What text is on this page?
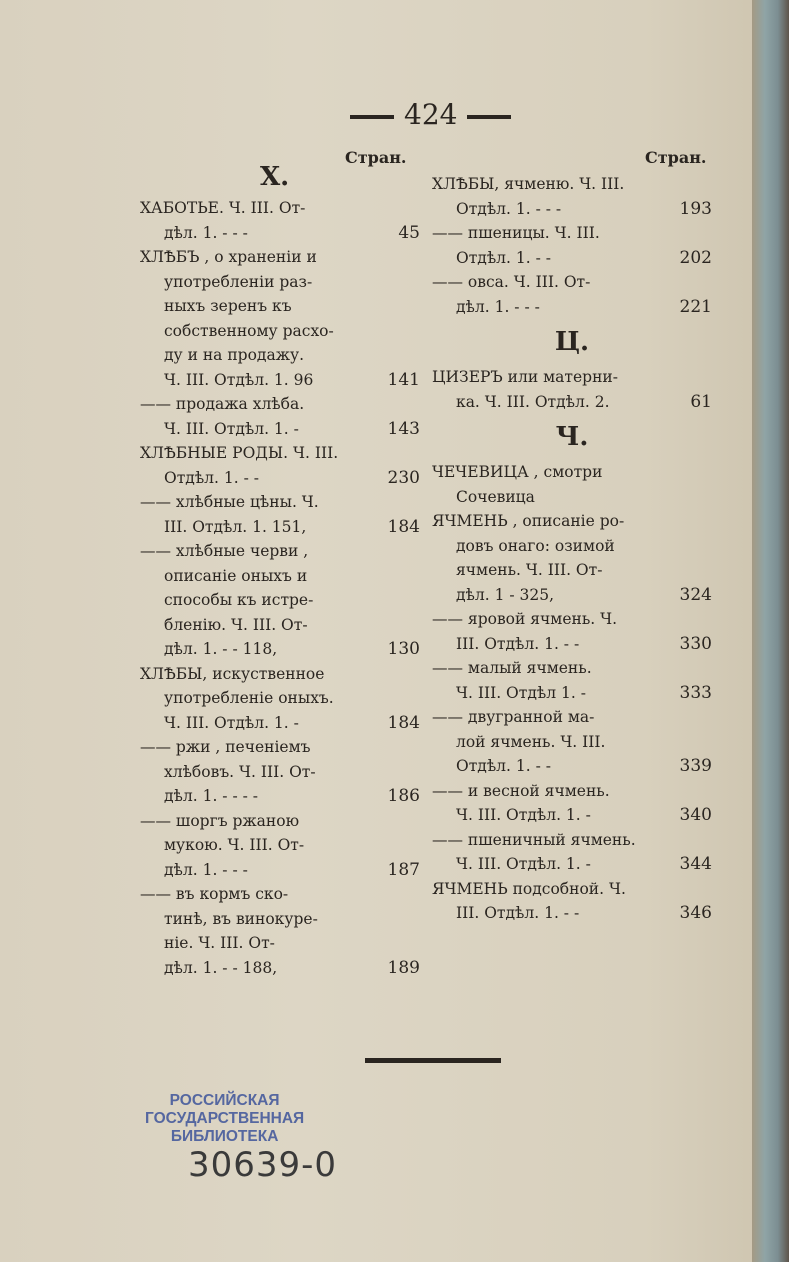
424
Стран.	Стран.
Х.
ХАБОТЬЕ. Ч. III. От-
дѣл. 1. - - -	45
ХЛѢБЪ , о храненіи и
употребленіи раз-
ныхъ зеренъ къ
собственному расхо-
ду и на продажу.
Ч. III. Отдѣл. 1. 96	141
—— продажа хлѣба.
Ч. III. Отдѣл. 1. -	143
ХЛѢБНЫЕ РОДЫ. Ч. III.
Отдѣл. 1. - -	230
—— хлѣбные цѣны. Ч.
III. Отдѣл. 1. 151,	184
—— хлѣбные черви ,
описаніе оныхъ и
способы къ истре-
бленію. Ч. III. От-
дѣл. 1. - - 118,	130
ХЛѢБЫ, искуственное
употребленіе оныхъ.
Ч. III. Отдѣл. 1. -	184
—— ржи , печеніемъ
хлѣбовъ. Ч. III. От-
дѣл. 1. - - - -	186
—— шоргъ ржаною
мукою. Ч. III. От-
дѣл. 1. - - -	187
—— въ кормъ ско-
тинѣ, въ винокуре-
ніе. Ч. III. От-
дѣл. 1. - - 188,	189
ХЛѢБЫ, ячменю. Ч. III.
Отдѣл. 1. - - -	193
—— пшеницы. Ч. III.
Отдѣл. 1. - -	202
—— овса. Ч. III. От-
дѣл. 1. - - -	221
Ц.
ЦИЗЕРЪ или матерни-
ка. Ч. III. Отдѣл. 2.	61
Ч.
ЧЕЧЕВИЦА , смотри
Сочевица
ЯЧМЕНЬ , описаніе ро-
довъ онаго: озимой
ячмень. Ч. III. От-
дѣл. 1 - 325,	324
—— яровой ячмень. Ч.
III. Отдѣл. 1. - -	330
—— малый ячмень.
Ч. III. Отдѣл 1. -	333
—— двугранной ма-
лой ячмень. Ч. III.
Отдѣл. 1. - -	339
—— и весной ячмень.
Ч. III. Отдѣл. 1. -	340
—— пшеничный ячмень.
Ч. III. Отдѣл. 1. -	344
ЯЧМЕНЬ подсобной. Ч.
III. Отдѣл. 1. - -	346
РОССИЙСКАЯ
ГОСУДАРСТВЕННАЯ
БИБЛИОТЕКА
30639-0
